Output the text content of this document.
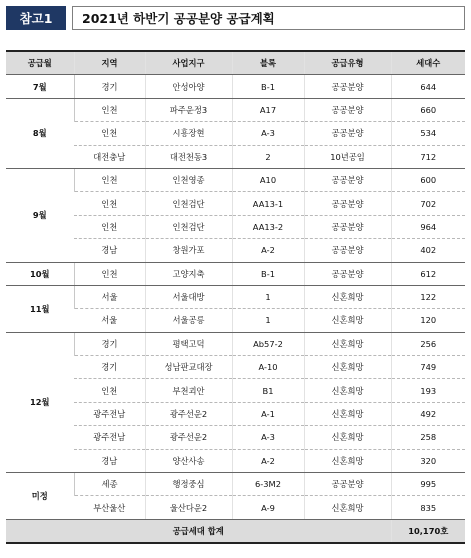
참고1	2021년 하반기 공공분양 공급계획
공급월	지역	사업지구	블록	공급유형	세대수
7월	경기	안성아양	B-1	공공분양	644
8월	인천	파주운정3	A17	공공분양	660
	인천	시흥장현	A-3	공공분양	534
	대전충남	대전천동3	2	10년공임	712
9월	인천	인천영종	A10	공공분양	600
	인천	인천검단	AA13-1	공공분양	702
	인천	인천검단	AA13-2	공공분양	964
	경남	창원가포	A-2	공공분양	402
10월	인천	고양지축	B-1	공공분양	612
11월	서울	서울대방	1	신혼희망	122
	서울	서울공릉	1	신혼희망	120
12월	경기	평택고덕	Ab57-2	신혼희망	256
	경기	성남판교대장	A-10	신혼희망	749
	인천	부천괴안	B1	신혼희망	193
	광주전남	광주선운2	A-1	신혼희망	492
	광주전남	광주선운2	A-3	신혼희망	258
	경남	양산사송	A-2	신혼희망	320
미정	세종	행정중심	6-3M2	공공분양	995
	부산울산	울산다운2	A-9	신혼희망	835
공급세대 합계					10,170호
